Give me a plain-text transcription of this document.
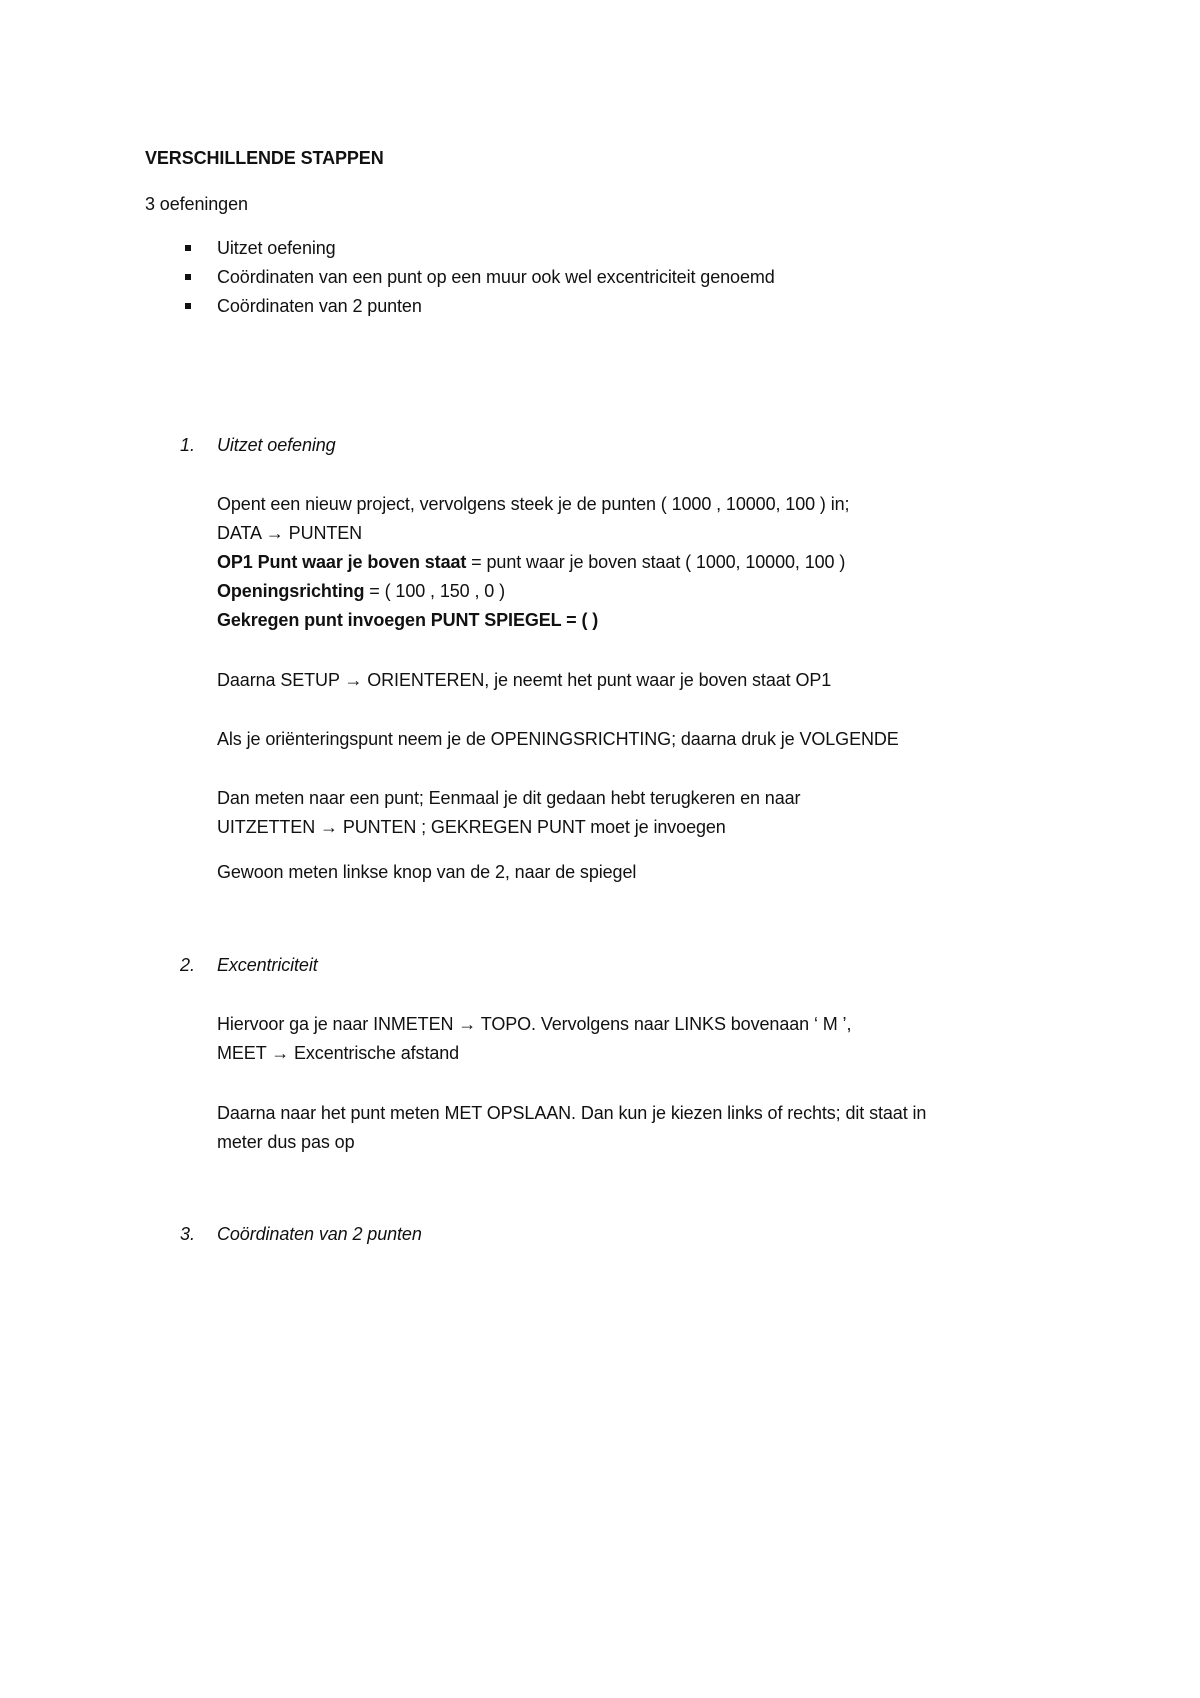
VERSCHILLENDE STAPPEN
3 oefeningen
Uitzet oefening
Coördinaten van een punt op een muur ook wel excentriciteit genoemd
Coördinaten van 2 punten
1. Uitzet oefening
Opent een nieuw project, vervolgens steek je de punten ( 1000 , 10000, 100 ) in;
DATA → PUNTEN
OP1 Punt waar je boven staat = punt waar je boven staat ( 1000, 10000, 100 )
Openingsrichting = ( 100 , 150 , 0 )
Gekregen punt invoegen PUNT SPIEGEL = ( )
Daarna SETUP → ORIENTEREN, je neemt het punt waar je boven staat OP1
Als je oriënteringspunt neem je de OPENINGSRICHTING; daarna druk je VOLGENDE
Dan meten naar een punt; Eenmaal je dit gedaan hebt terugkeren en naar
UITZETTEN → PUNTEN ; GEKREGEN PUNT moet je invoegen
Gewoon meten linkse knop van de 2, naar de spiegel
2. Excentriciteit
Hiervoor ga je naar INMETEN → TOPO. Vervolgens naar LINKS bovenaan ‘ M ’,
MEET → Excentrische afstand
Daarna naar het punt meten MET OPSLAAN. Dan kun je kiezen links of rechts; dit staat in
meter dus pas op
3. Coördinaten van 2 punten
